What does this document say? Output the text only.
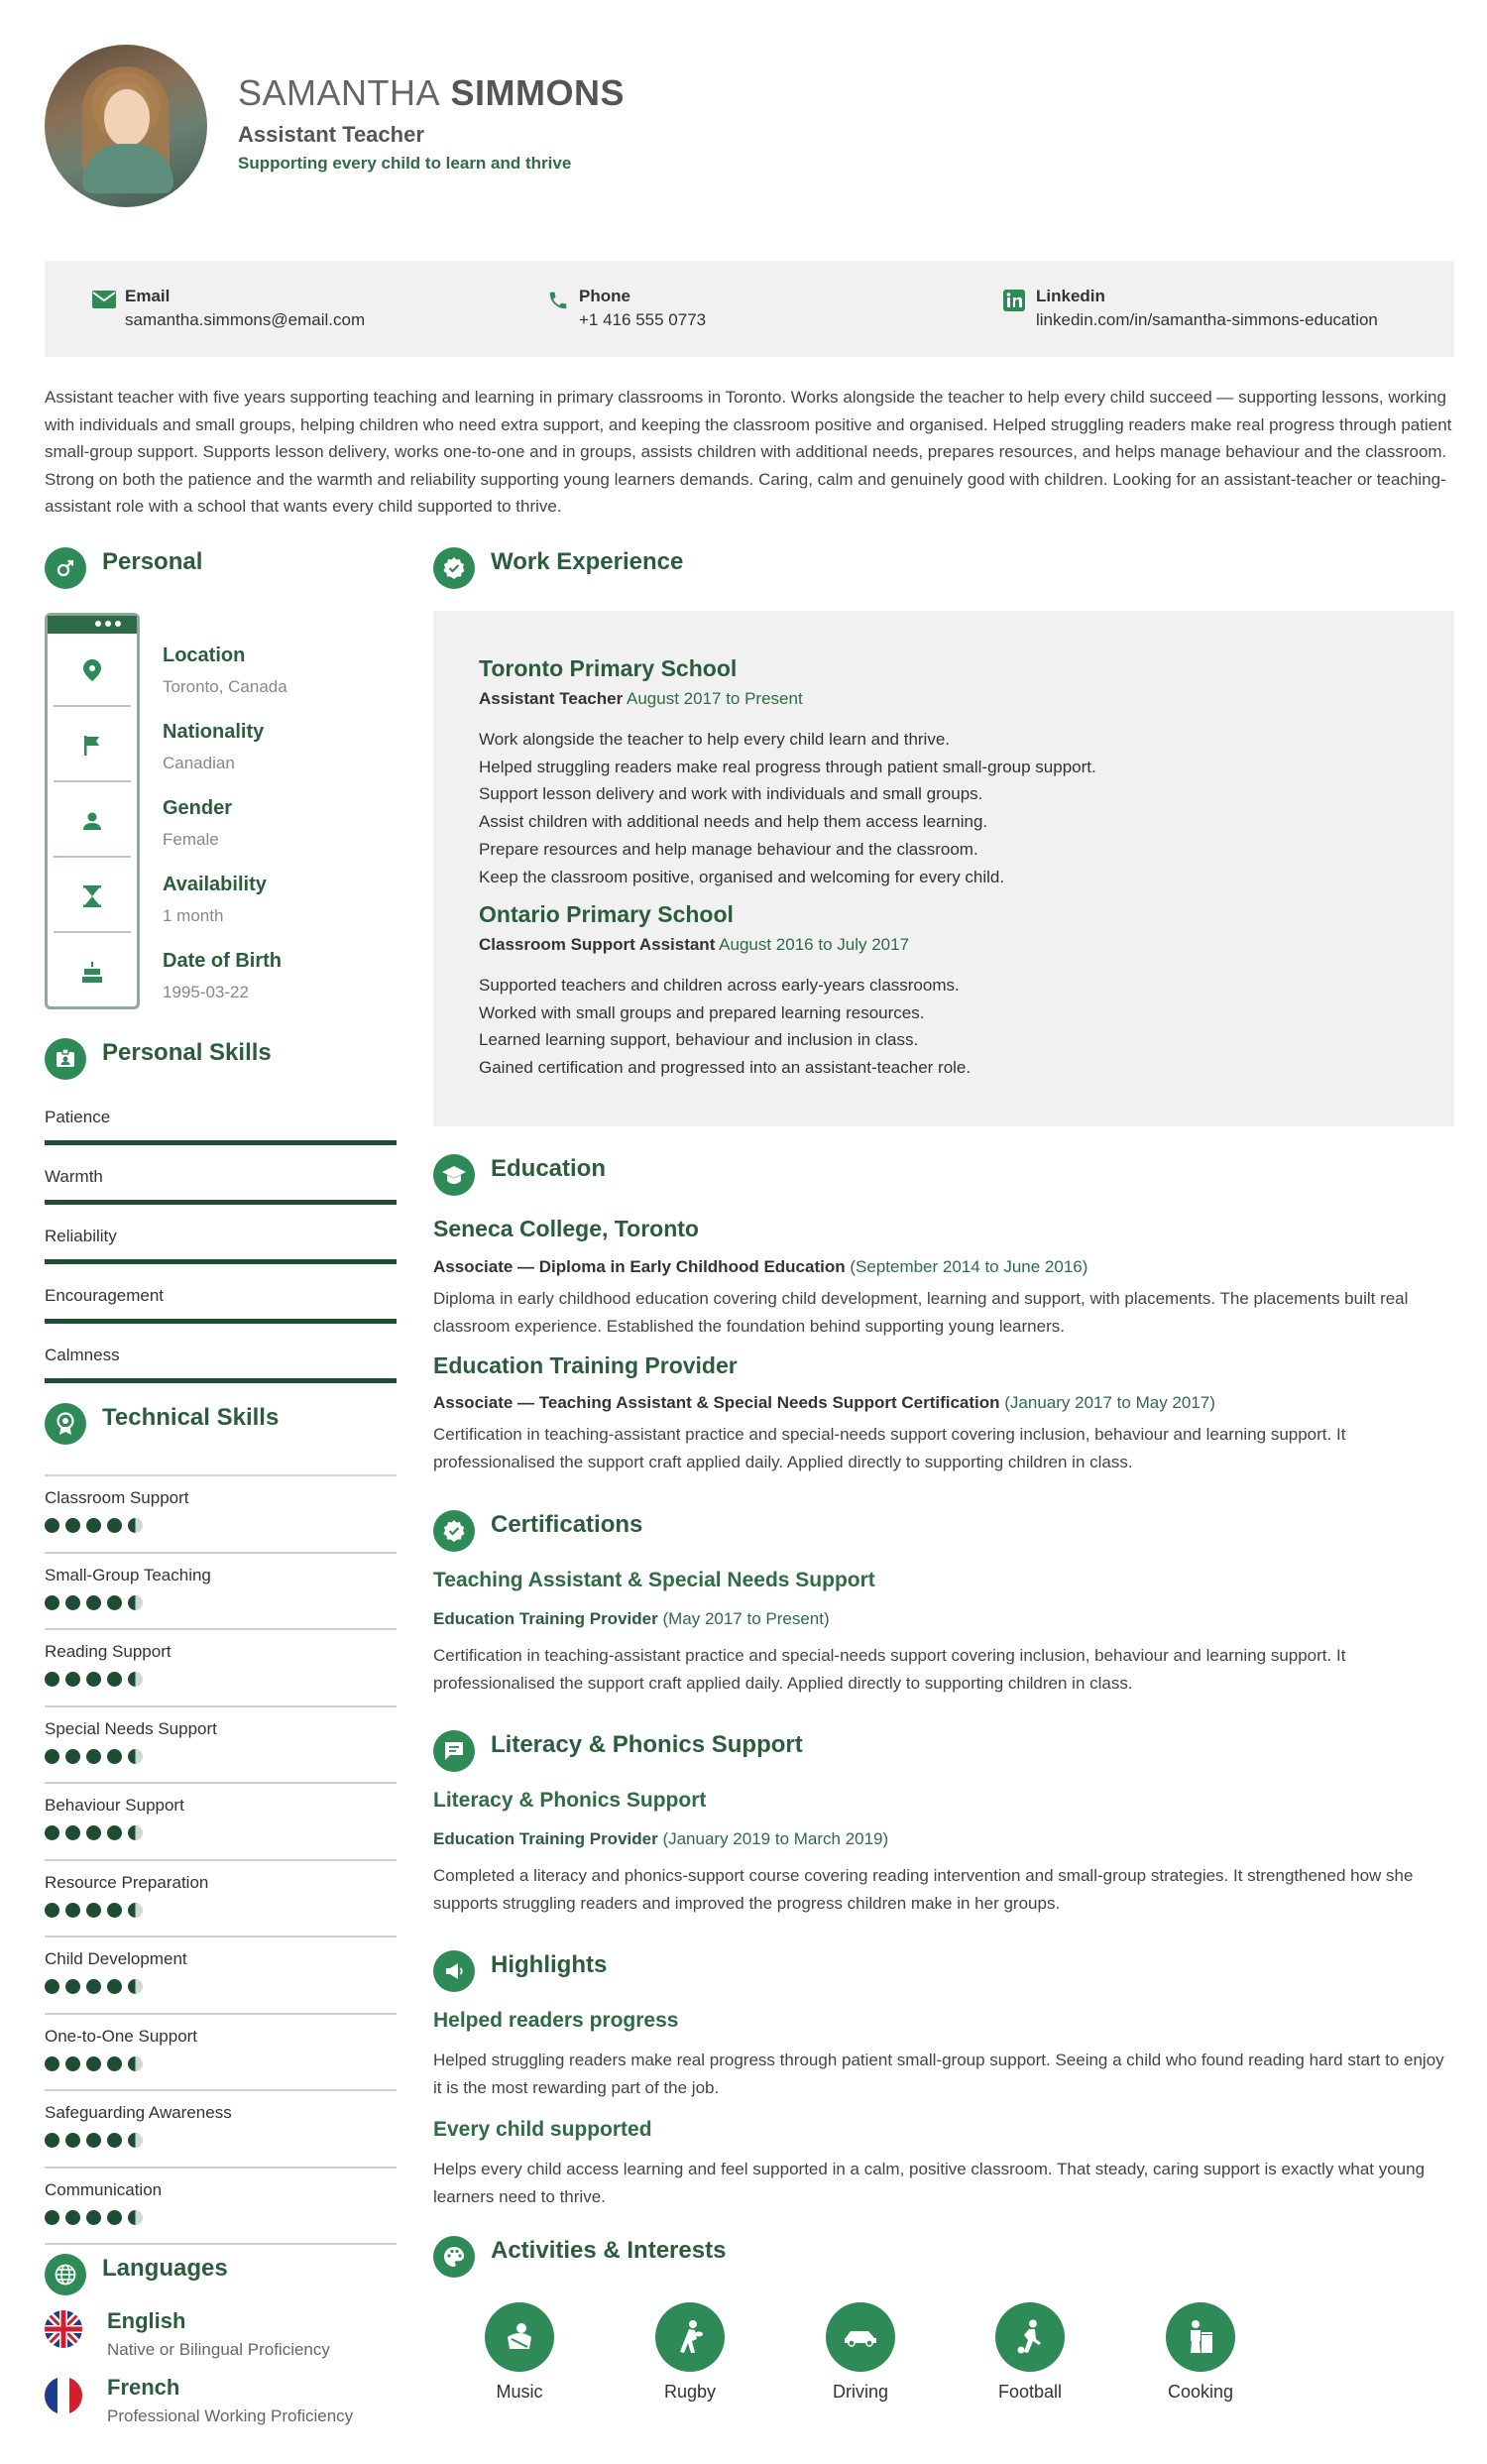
SAMANTHA SIMMONS
Assistant Teacher
Supporting every child to learn and thrive
Email
samantha.simmons@email.com
Phone
+1 416 555 0773
Linkedin
linkedin.com/in/samantha-simmons-education
Assistant teacher with five years supporting teaching and learning in primary classrooms in Toronto. Works alongside the teacher to help every child succeed — supporting lessons, working with individuals and small groups, helping children who need extra support, and keeping the classroom positive and organised. Helped struggling readers make real progress through patient small-group support. Supports lesson delivery, works one-to-one and in groups, assists children with additional needs, prepares resources, and helps manage behaviour and the classroom. Strong on both the patience and the warmth and reliability supporting young learners demands. Caring, calm and genuinely good with children. Looking for an assistant-teacher or teaching-assistant role with a school that wants every child supported to thrive.
Personal
Location
Toronto, Canada
Nationality
Canadian
Gender
Female
Availability
1 month
Date of Birth
1995-03-22
Personal Skills
Patience
Warmth
Reliability
Encouragement
Calmness
Technical Skills
Classroom Support
Small-Group Teaching
Reading Support
Special Needs Support
Behaviour Support
Resource Preparation
Child Development
One-to-One Support
Safeguarding Awareness
Communication
Languages
English
Native or Bilingual Proficiency
French
Professional Working Proficiency
Work Experience
Toronto Primary School
Assistant Teacher August 2017 to Present
Work alongside the teacher to help every child learn and thrive.
Helped struggling readers make real progress through patient small-group support.
Support lesson delivery and work with individuals and small groups.
Assist children with additional needs and help them access learning.
Prepare resources and help manage behaviour and the classroom.
Keep the classroom positive, organised and welcoming for every child.
Ontario Primary School
Classroom Support Assistant August 2016 to July 2017
Supported teachers and children across early-years classrooms.
Worked with small groups and prepared learning resources.
Learned learning support, behaviour and inclusion in class.
Gained certification and progressed into an assistant-teacher role.
Education
Seneca College, Toronto
Associate — Diploma in Early Childhood Education (September 2014 to June 2016)
Diploma in early childhood education covering child development, learning and support, with placements. The placements built real classroom experience. Established the foundation behind supporting young learners.
Education Training Provider
Associate — Teaching Assistant & Special Needs Support Certification (January 2017 to May 2017)
Certification in teaching-assistant practice and special-needs support covering inclusion, behaviour and learning support. It professionalised the support craft applied daily. Applied directly to supporting children in class.
Certifications
Teaching Assistant & Special Needs Support
Education Training Provider (May 2017 to Present)
Certification in teaching-assistant practice and special-needs support covering inclusion, behaviour and learning support. It professionalised the support craft applied daily. Applied directly to supporting children in class.
Literacy & Phonics Support
Literacy & Phonics Support
Education Training Provider (January 2019 to March 2019)
Completed a literacy and phonics-support course covering reading intervention and small-group strategies. It strengthened how she supports struggling readers and improved the progress children make in her groups.
Highlights
Helped readers progress
Helped struggling readers make real progress through patient small-group support. Seeing a child who found reading hard start to enjoy it is the most rewarding part of the job.
Every child supported
Helps every child access learning and feel supported in a calm, positive classroom. That steady, caring support is exactly what young learners need to thrive.
Activities & Interests
Music	Rugby	Driving	Football	Cooking
